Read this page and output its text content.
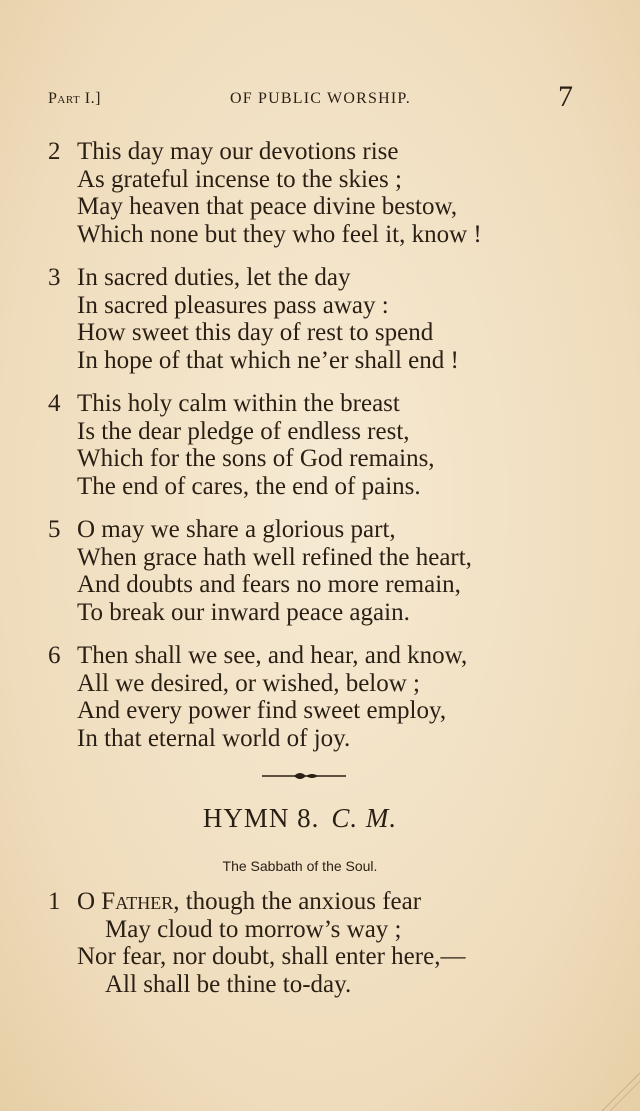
Part I.]	OF PUBLIC WORSHIP.	7
2 This day may our devotions rise
As grateful incense to the skies ;
May heaven that peace divine bestow,
Which none but they who feel it, know !
3 In sacred duties, let the day
In sacred pleasures pass away :
How sweet this day of rest to spend
In hope of that which ne’er shall end !
4 This holy calm within the breast
Is the dear pledge of endless rest,
Which for the sons of God remains,
The end of cares, the end of pains.
5 O may we share a glorious part,
When grace hath well refined the heart,
And doubts and fears no more remain,
To break our inward peace again.
6 Then shall we see, and hear, and know,
All we desired, or wished, below ;
And every power find sweet employ,
In that eternal world of joy.
HYMN 8. C. M.
The Sabbath of the Soul.
1 O Father, though the anxious fear
May cloud to morrow’s way ;
Nor fear, nor doubt, shall enter here,—
All shall be thine to-day.
